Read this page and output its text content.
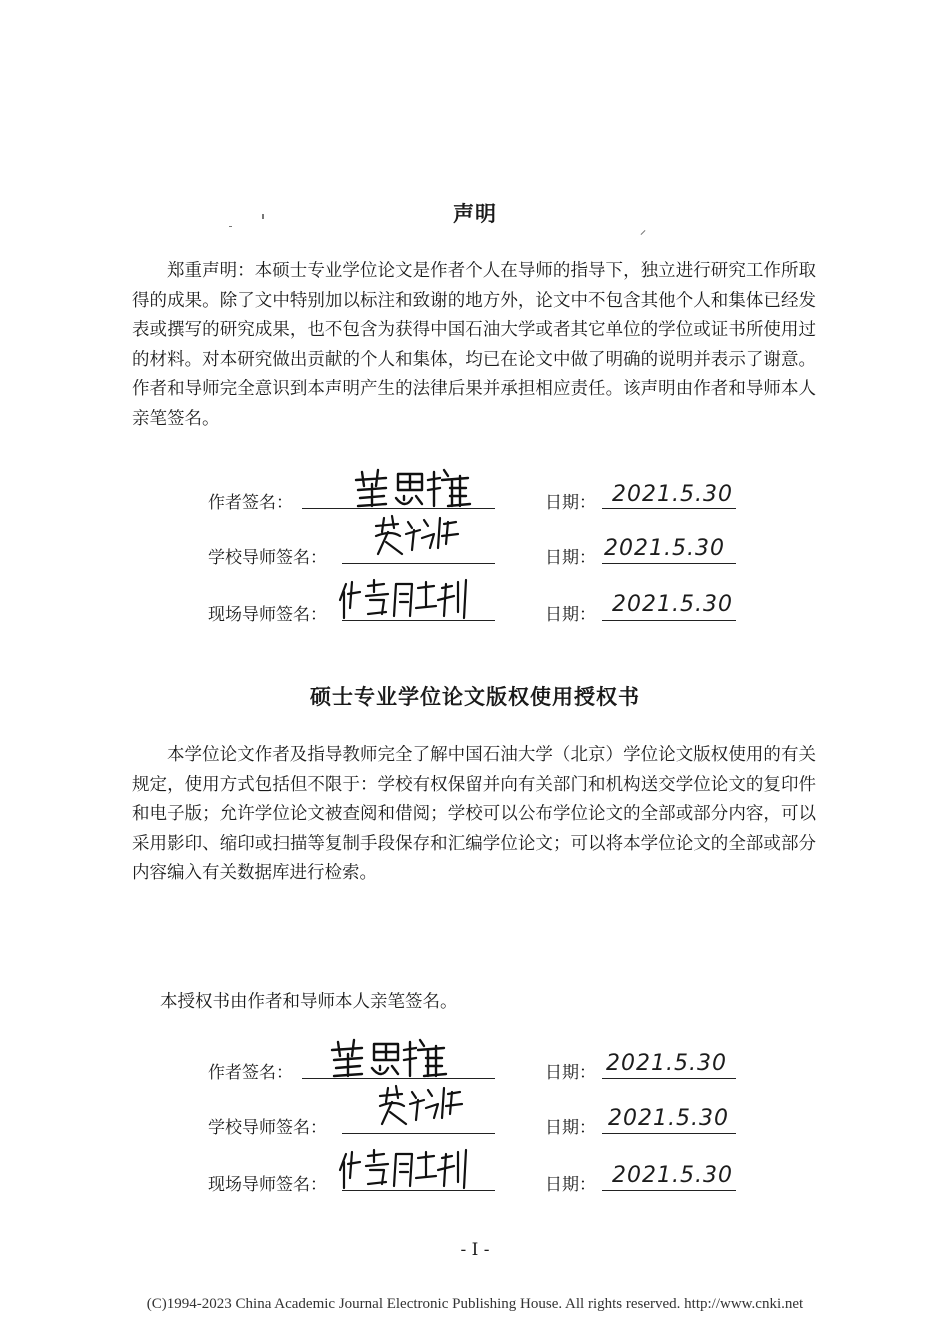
声明

郑重声明：本硕士专业学位论文是作者个人在导师的指导下，独立进行研究工作所取得的成果。除了文中特别加以标注和致谢的地方外，论文中不包含其他个人和集体已经发表或撰写的研究成果，也不包含为获得中国石油大学或者其它单位的学位或证书所使用过的材料。对本研究做出贡献的个人和集体，均已在论文中做了明确的说明并表示了谢意。作者和导师完全意识到本声明产生的法律后果并承担相应责任。该声明由作者和导师本人亲笔签名。

作者签名：	日期： 2021.5.30

学校导师签名：	日期： 2021.5.30

现场导师签名：	日期： 2021.5.30

硕士专业学位论文版权使用授权书

本学位论文作者及指导教师完全了解中国石油大学（北京）学位论文版权使用的有关规定，使用方式包括但不限于：学校有权保留并向有关部门和机构送交学位论文的复印件和电子版；允许学位论文被查阅和借阅；学校可以公布学位论文的全部或部分内容，可以采用影印、缩印或扫描等复制手段保存和汇编学位论文；可以将本学位论文的全部或部分内容编入有关数据库进行检索。

本授权书由作者和导师本人亲笔签名。

作者签名：	日期： 2021.5.30

学校导师签名：	日期： 2021.5.30

现场导师签名：	日期： 2021.5.30

- I -

(C)1994-2023 China Academic Journal Electronic Publishing House. All rights reserved. http://www.cnki.net
